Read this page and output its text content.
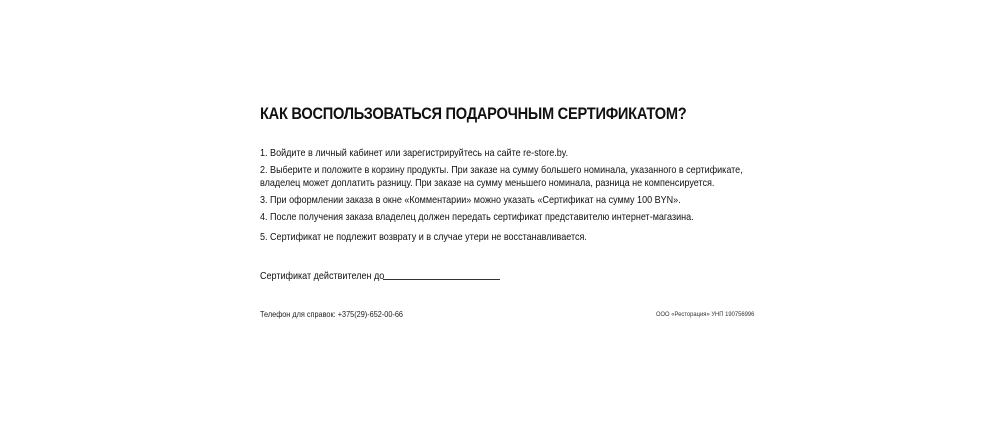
КАК ВОСПОЛЬЗОВАТЬСЯ ПОДАРОЧНЫМ СЕРТИФИКАТОМ?
1. Войдите в личный кабинет или зарегистрируйтесь на сайте re-store.by.
2. Выберите и положите в корзину продукты. При заказе на сумму большего номинала, указанного в сертификате,
владелец может доплатить разницу. При заказе на сумму меньшего номинала, разница не компенсируется.
3. При оформлении заказа в окне «Комментарии» можно указать «Сертификат на сумму 100 BYN».
4. После получения заказа владелец должен передать сертификат представителю интернет-магазина.
5. Сертификат не подлежит возврату и в случае утери не восстанавливается.
Сертификат действителен до
Телефон для справок: +375(29)-652-00-66	ООО «Ресторация» УНП 190756996
